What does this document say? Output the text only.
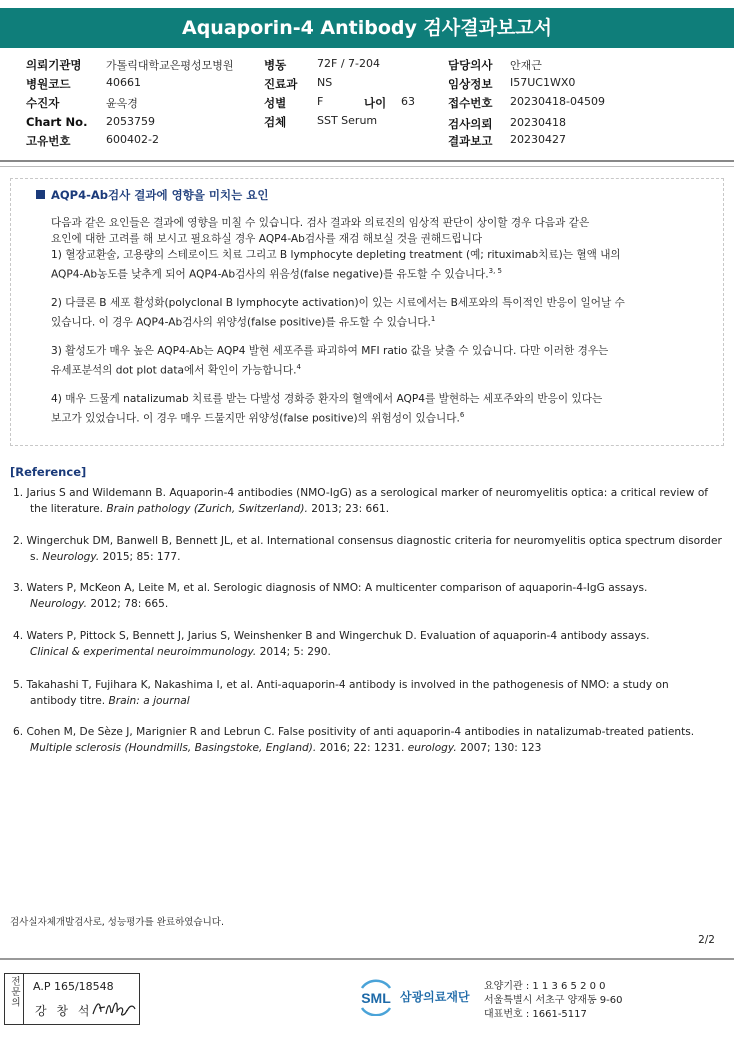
Aquaporin-4 Antibody 검사결과보고서
의뢰기관명 가톨릭대학교은평성모병원
병원코드	40661
수진자	윤옥경
Chart No. 2053759
고유번호	600402-2
병동	72F / 7-204
진료과 NS
성별	F	나이 63
검체	SST Serum
담당의사 안재근
임상정보 I57UC1WX0
접수번호 20230418-04509
검사의뢰 20230418
결과보고 20230427
AQP4-Ab검사 결과에 영향을 미치는 요인
다음과 같은 요인들은 결과에 영향을 미칠 수 있습니다. 검사 결과와 의료진의 임상적 판단이 상이할 경우 다음과 같은
요인에 대한 고려를 해 보시고 필요하실 경우 AQP4-Ab검사를 재검 해보실 것을 권해드립니다
1) 혈장교환술, 고용량의 스테로이드 치료 그리고 B lymphocyte depleting treatment (예; rituximab치료)는 혈액 내의
AQP4-Ab농도를 낮추게 되어 AQP4-Ab검사의 위음성(false negative)를 유도할 수 있습니다.$^{3, 5}$
2) 다클론 B 세포 활성화(polyclonal B lymphocyte activation)이 있는 시료에서는 B세포와의 특이적인 반응이 일어날 수
있습니다. 이 경우 AQP4-Ab검사의 위양성(false positive)를 유도할 수 있습니다.$^1$
3) 활성도가 매우 높은 AQP4-Ab는 AQP4 발현 세포주를 파괴하여 MFI ratio 값을 낮출 수 있습니다. 다만 이러한 경우는
유세포분석의 dot plot data에서 확인이 가능합니다.$^4$
4) 매우 드물게 natalizumab 치료를 받는 다발성 경화증 환자의 혈액에서 AQP4를 발현하는 세포주와의 반응이 있다는
보고가 있었습니다. 이 경우 매우 드물지만 위양성(false positive)의 위험성이 있습니다.$^6$
[Reference]
1. Jarius S and Wildemann B. Aquaporin-4 antibodies (NMO-IgG) as a serological marker of neuromyelitis optica: a critical review of
the literature. Brain pathology (Zurich, Switzerland). 2013; 23: 661.
2. Wingerchuk DM, Banwell B, Bennett JL, et al. International consensus diagnostic criteria for neuromyelitis optica spectrum disorder
s. Neurology. 2015; 85: 177.
3. Waters P, McKeon A, Leite M, et al. Serologic diagnosis of NMO: A multicenter comparison of aquaporin-4-IgG assays.
Neurology. 2012; 78: 665.
4. Waters P, Pittock S, Bennett J, Jarius S, Weinshenker B and Wingerchuk D. Evaluation of aquaporin-4 antibody assays.
Clinical & experimental neuroimmunology. 2014; 5: 290.
5. Takahashi T, Fujihara K, Nakashima I, et al. Anti-aquaporin-4 antibody is involved in the pathogenesis of NMO: a study on
antibody titre. Brain: a journal
6. Cohen M, De Sèze J, Marignier R and Lebrun C. False positivity of anti aquaporin-4 antibodies in natalizumab-treated patients.
Multiple sclerosis (Houndmills, Basingstoke, England). 2016; 22: 1231. eurology. 2007; 130: 123
검사실자체개발검사로, 성능평가를 완료하였습니다.
2/2
전문의	A.P 165/18548
강 창 석
SML 삼광의료재단
요양기관 : 1 1 3 6 5 2 0 0
서울특별시 서초구 양재동 9-60
대표번호 : 1661-5117
